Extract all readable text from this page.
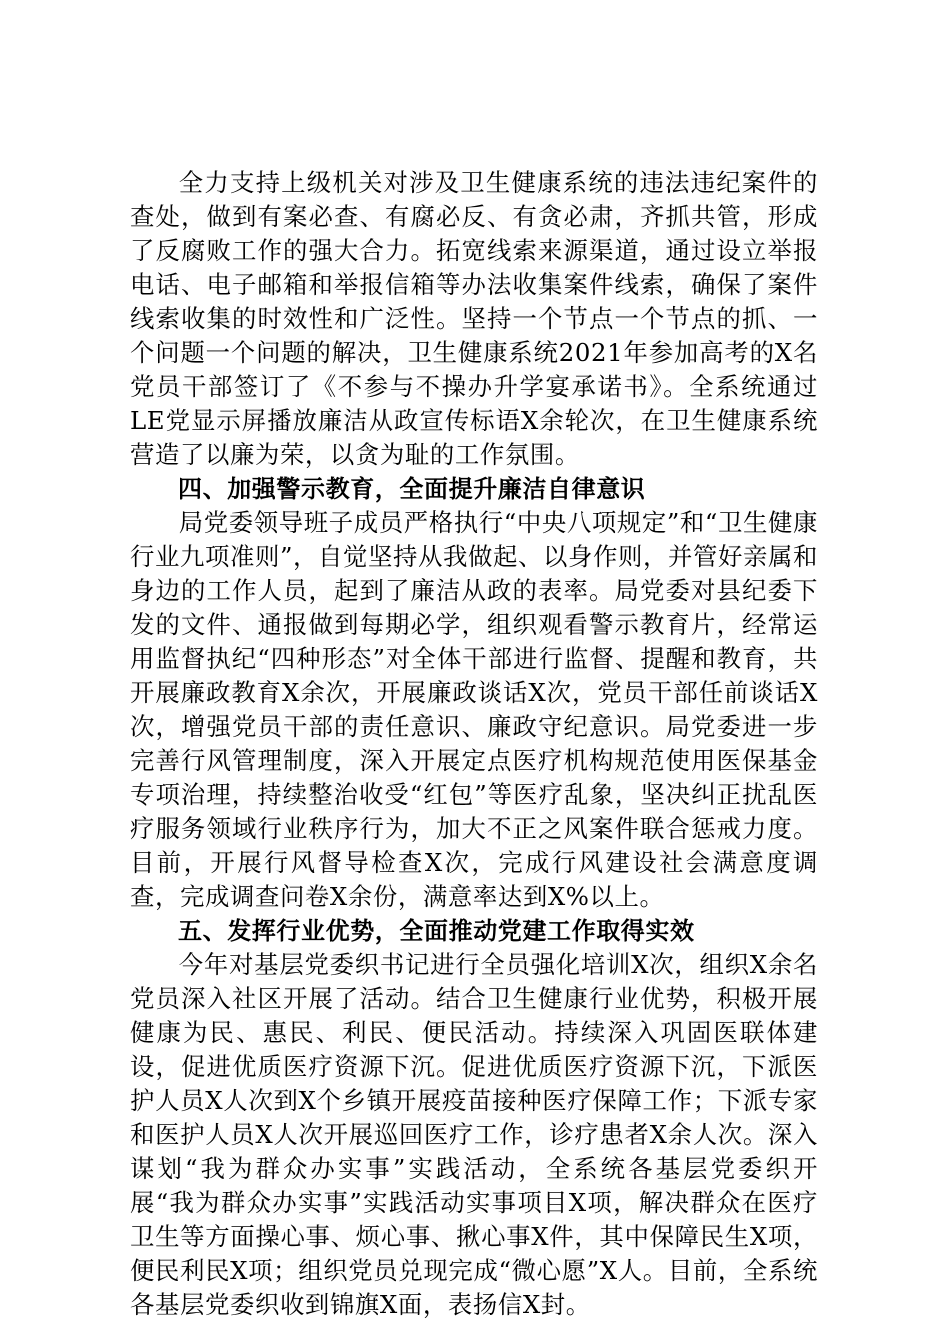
全力支持上级机关对涉及卫生健康系统的违法违纪案件的查处，做到有案必查、有腐必反、有贪必肃，齐抓共管，形成了反腐败工作的强大合力。拓宽线索来源渠道，通过设立举报电话、电子邮箱和举报信箱等办法收集案件线索，确保了案件线索收集的时效性和广泛性。坚持一个节点一个节点的抓、一个问题一个问题的解决，卫生健康系统2021年参加高考的X名党员干部签订了《不参与不操办升学宴承诺书》。全系统通过LE党显示屏播放廉洁从政宣传标语X余轮次，在卫生健康系统营造了以廉为荣，以贪为耻的工作氛围。

四、加强警示教育，全面提升廉洁自律意识

局党委领导班子成员严格执行“中央八项规定”和“卫生健康行业九项准则”，自觉坚持从我做起、以身作则，并管好亲属和身边的工作人员，起到了廉洁从政的表率。局党委对县纪委下发的文件、通报做到每期必学，组织观看警示教育片，经常运用监督执纪“四种形态”对全体干部进行监督、提醒和教育，共开展廉政教育X余次，开展廉政谈话X次，党员干部任前谈话X次，增强党员干部的责任意识、廉政守纪意识。局党委进一步完善行风管理制度，深入开展定点医疗机构规范使用医保基金专项治理，持续整治收受“红包”等医疗乱象，坚决纠正扰乱医疗服务领域行业秩序行为，加大不正之风案件联合惩戒力度。目前，开展行风督导检查X次，完成行风建设社会满意度调查，完成调查问卷X余份，满意率达到X%以上。

五、发挥行业优势，全面推动党建工作取得实效

今年对基层党委织书记进行全员强化培训X次，组织X余名党员深入社区开展了活动。结合卫生健康行业优势，积极开展健康为民、惠民、利民、便民活动。持续深入巩固医联体建设，促进优质医疗资源下沉。促进优质医疗资源下沉，下派医护人员X人次到X个乡镇开展疫苗接种医疗保障工作；下派专家和医护人员X人次开展巡回医疗工作，诊疗患者X余人次。深入谋划“我为群众办实事”实践活动，全系统各基层党委织开展“我为群众办实事”实践活动实事项目X项，解决群众在医疗卫生等方面操心事、烦心事、揪心事X件，其中保障民生X项，便民利民X项；组织党员兑现完成“微心愿”X人。目前，全系统各基层党委织收到锦旗X面，表扬信X封。
